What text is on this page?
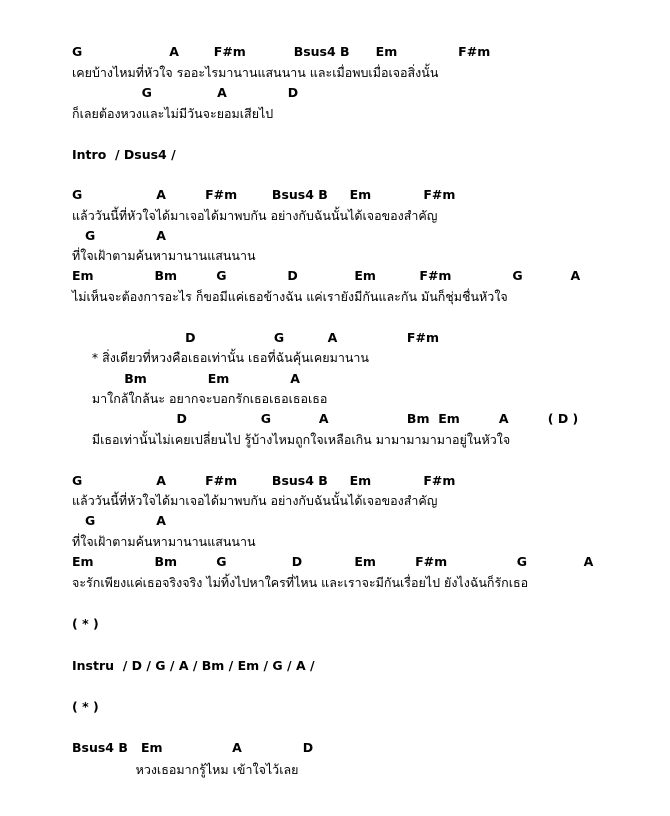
G                    A        F#m           Bsus4 B      Em              F#m
เคยบ้างไหมที่หัวใจ รออะไรมานานแสนนาน และเมื่อพบเมื่อเจอสิ่งนั้น
G               A              D
ก็เลยต้องหวงและไม่มีวันจะยอมเสียไป
Intro  / Dsus4 /
G                 A         F#m        Bsus4 B     Em            F#m
แล้ววันนี้ที่หัวใจได้มาเจอได้มาพบกัน อย่างกับฉันนั้นได้เจอของสำคัญ
G              A
ที่ใจเฝ้าตามค้นหามานานแสนนาน
Em              Bm         G              D             Em          F#m              G           A
ไม่เห็นจะต้องการอะไร ก็ขอมีแค่เธอข้างฉัน แค่เรายังมีกันและกัน มันก็ชุ่มชื่นหัวใจ
D                  G          A                F#m
* สิ่งเดียวที่หวงคือเธอเท่านั้น เธอที่ฉันคุ้นเคยมานาน
Bm              Em              A
มาใกล้ใกล้นะ อยากจะบอกรักเธอเธอเธอเธอ
D                 G           A                  Bm  Em         A         ( D )
มีเธอเท่านั้นไม่เคยเปลี่ยนไป รู้บ้างไหมถูกใจเหลือเกิน มามามามามาอยู่ในหัวใจ
G                 A         F#m        Bsus4 B     Em            F#m
แล้ววันนี้ที่หัวใจได้มาเจอได้มาพบกัน อย่างกับฉันนั้นได้เจอของสำคัญ
G              A
ที่ใจเฝ้าตามค้นหามานานแสนนาน
Em              Bm         G               D            Em         F#m                G             A
จะรักเพียงแค่เธอจริงจริง ไม่ทิ้งไปหาใครที่ไหน และเราจะมีกันเรื่อยไป ยังไงฉันก็รักเธอ
( * )
Instru  / D / G / A / Bm / Em / G / A /
( * )
Bsus4 B   Em                A              D
หวงเธอมากรู้ไหม เข้าใจไว้เลย
